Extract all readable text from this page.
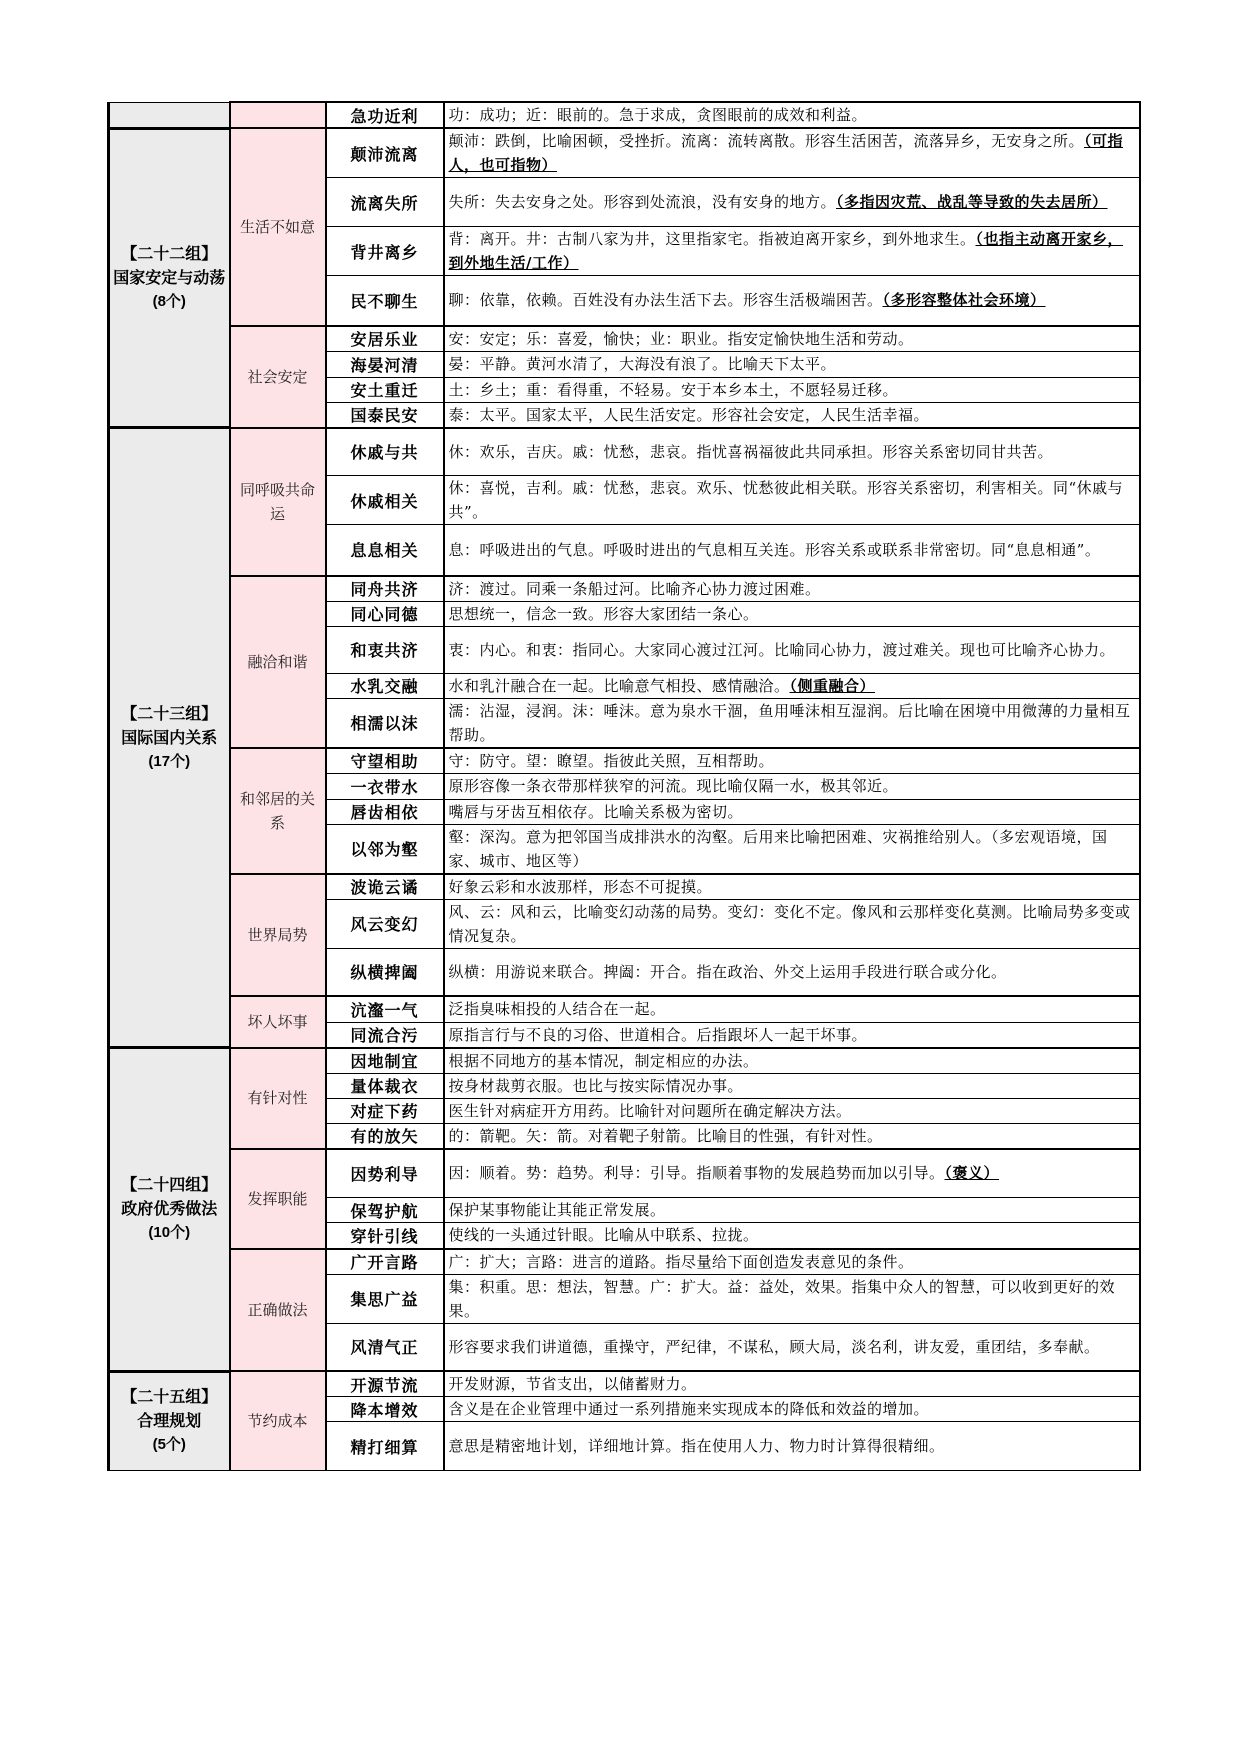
		急功近利	功：成功；近：眼前的。急于求成，贪图眼前的成效和利益。

【二十二组】
国家安定与动荡
(8个)	生活不如意	颠沛流离	颠沛：跌倒，比喻困顿，受挫折。流离：流转离散。形容生活困苦，流落异乡，无安身之所。（可指人，也可指物）
		流离失所	失所：失去安身之处。形容到处流浪，没有安身的地方。（多指因灾荒、战乱等导致的失去居所）
		背井离乡	背：离开。井：古制八家为井，这里指家宅。指被迫离开家乡，到外地求生。（也指主动离开家乡，到外地生活/工作）
		民不聊生	聊：依靠，依赖。百姓没有办法生活下去。形容生活极端困苦。（多形容整体社会环境）
	社会安定	安居乐业	安：安定；乐：喜爱，愉快；业：职业。指安定愉快地生活和劳动。
		海晏河清	晏：平静。黄河水清了，大海没有浪了。比喻天下太平。
		安土重迁	土：乡土；重：看得重，不轻易。安于本乡本土，不愿轻易迁移。
		国泰民安	泰：太平。国家太平，人民生活安定。形容社会安定，人民生活幸福。

【二十三组】
国际国内关系
(17个)	同呼吸共命运	休戚与共	休：欢乐，吉庆。戚：忧愁，悲哀。指忧喜祸福彼此共同承担。形容关系密切同甘共苦。
		休戚相关	休：喜悦，吉利。戚：忧愁，悲哀。欢乐、忧愁彼此相关联。形容关系密切，利害相关。同“休戚与共”。
		息息相关	息：呼吸进出的气息。呼吸时进出的气息相互关连。形容关系或联系非常密切。同“息息相通”。
	融洽和谐	同舟共济	济：渡过。同乘一条船过河。比喻齐心协力渡过困难。
		同心同德	思想统一，信念一致。形容大家团结一条心。
		和衷共济	衷：内心。和衷：指同心。大家同心渡过江河。比喻同心协力，渡过难关。现也可比喻齐心协力。
		水乳交融	水和乳汁融合在一起。比喻意气相投、感情融洽。（侧重融合）
		相濡以沫	濡：沾湿，浸润。沫：唾沫。意为泉水干涸，鱼用唾沫相互湿润。后比喻在困境中用微薄的力量相互帮助。
	和邻居的关系	守望相助	守：防守。望：瞭望。指彼此关照，互相帮助。
		一衣带水	原形容像一条衣带那样狭窄的河流。现比喻仅隔一水，极其邻近。
		唇齿相依	嘴唇与牙齿互相依存。比喻关系极为密切。
		以邻为壑	壑：深沟。意为把邻国当成排洪水的沟壑。后用来比喻把困难、灾祸推给别人。（多宏观语境，国家、城市、地区等）
	世界局势	波诡云谲	好象云彩和水波那样，形态不可捉摸。
		风云变幻	风、云：风和云，比喻变幻动荡的局势。变幻：变化不定。像风和云那样变化莫测。比喻局势多变或情况复杂。
		纵横捭阖	纵横：用游说来联合。捭阖：开合。指在政治、外交上运用手段进行联合或分化。
	坏人坏事	沆瀣一气	泛指臭味相投的人结合在一起。
		同流合污	原指言行与不良的习俗、世道相合。后指跟坏人一起干坏事。

【二十四组】
政府优秀做法
(10个)	有针对性	因地制宜	根据不同地方的基本情况，制定相应的办法。
		量体裁衣	按身材裁剪衣服。也比与按实际情况办事。
		对症下药	医生针对病症开方用药。比喻针对问题所在确定解决方法。
		有的放矢	的：箭靶。矢：箭。对着靶子射箭。比喻目的性强，有针对性。
	发挥职能	因势利导	因：顺着。势：趋势。利导：引导。指顺着事物的发展趋势而加以引导。（褒义）
		保驾护航	保护某事物能让其能正常发展。
		穿针引线	使线的一头通过针眼。比喻从中联系、拉拢。
	正确做法	广开言路	广：扩大；言路：进言的道路。指尽量给下面创造发表意见的条件。
		集思广益	集：积重。思：想法，智慧。广：扩大。益：益处，效果。指集中众人的智慧，可以收到更好的效果。
		风清气正	形容要求我们讲道德，重操守，严纪律，不谋私，顾大局，淡名利，讲友爱，重团结，多奉献。

【二十五组】
合理规划
(5个)	节约成本	开源节流	开发财源，节省支出，以储蓄财力。
		降本增效	含义是在企业管理中通过一系列措施来实现成本的降低和效益的增加。
		精打细算	意思是精密地计划，详细地计算。指在使用人力、物力时计算得很精细。
